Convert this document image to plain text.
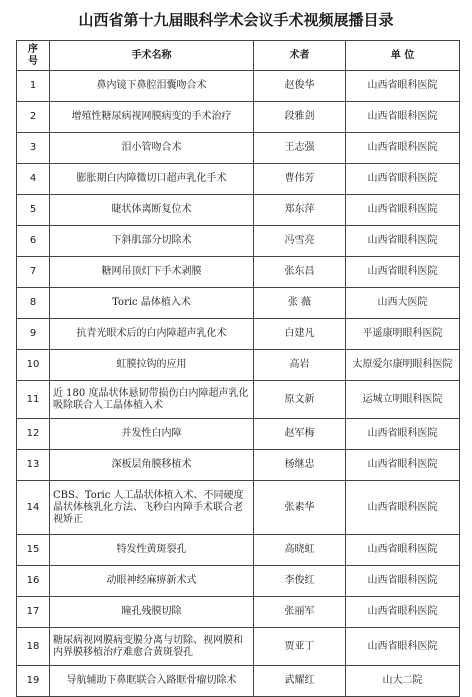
山西省第十九届眼科学术会议手术视频展播目录
序
号	手术名称	术者	单 位
1	鼻内镜下鼻腔泪囊吻合术	赵俊华	山西省眼科医院
2	增殖性糖尿病视网膜病变的手术治疗	段雅剑	山西省眼科医院
3	泪小管吻合术	王志强	山西省眼科医院
4	膨胀期白内障微切口超声乳化手术	曹伟芳	山西省眼科医院
5	睫状体离断复位术	郑东萍	山西省眼科医院
6	下斜肌部分切除术	冯雪亮	山西省眼科医院
7	糖网吊顶灯下手术剥膜	张东昌	山西省眼科医院
8	Toric 晶体植入术	张 薇	山西大医院
9	抗青光眼术后的白内障超声乳化术	白建凡	平遥康明眼科医院
10	虹膜拉钩的应用	高岩	太原爱尔康明眼科医院
11	近 180 度晶状体悬韧带损伤白内障超声乳化吸除联合人工晶体植入术	原文新	运城立明眼科医院
12	并发性白内障	赵军梅	山西省眼科医院
13	深板层角膜移植术	杨继忠	山西省眼科医院
14	CBS、Toric 人工晶状体植入术、不同硬度晶状体核乳化方法、飞秒白内障手术联合老视矫正	张素华	山西省眼科医院
15	特发性黄斑裂孔	高晓虹	山西省眼科医院
16	动眼神经麻痹新术式	李俊红	山西省眼科医院
17	瞳孔残膜切除	张丽军	山西省眼科医院
18	糖尿病视网膜病变膜分离与切除、视网膜和内界膜移植治疗难愈合黄斑裂孔	贾亚丁	山西省眼科医院
19	导航辅助下鼻眶联合入路眶骨瘤切除术	武耀红	山大二院
